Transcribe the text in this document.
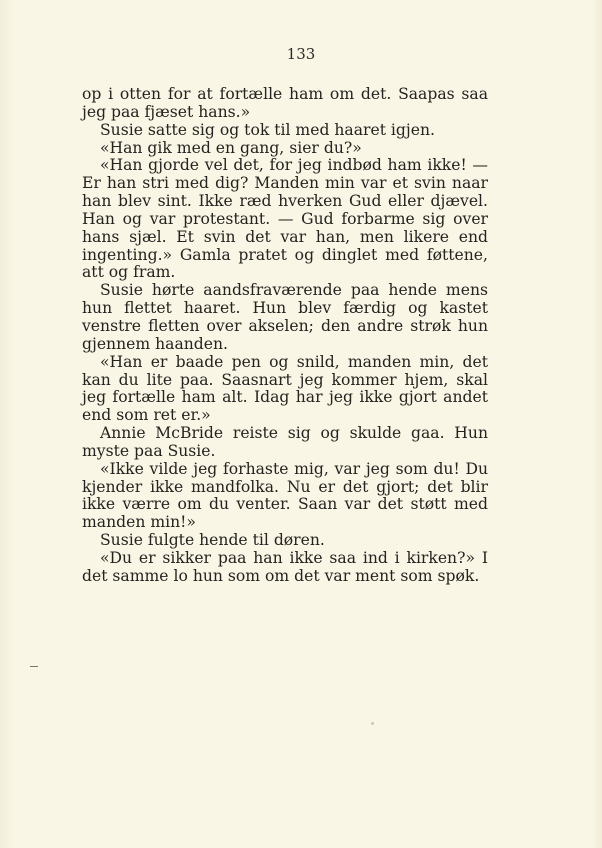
133

op i otten for at fortælle ham om det. Saapas saa jeg paa fjæset hans.»

Susie satte sig og tok til med haaret igjen.

«Han gik med en gang, sier du?»

«Han gjorde vel det, for jeg indbød ham ikke! — Er han stri med dig? Manden min var et svin naar han blev sint. Ikke ræd hverken Gud eller djævel. Han og var protestant. — Gud forbarme sig over hans sjæl. Et svin det var han, men likere end ingenting.» Gamla pratet og dinglet med føttene, att og fram.

Susie hørte aandsfraværende paa hende mens hun flettet haaret. Hun blev færdig og kastet venstre fletten over akselen; den andre strøk hun gjennem haanden.

«Han er baade pen og snild, manden min, det kan du lite paa. Saasnart jeg kommer hjem, skal jeg fortælle ham alt. Idag har jeg ikke gjort andet end som ret er.»

Annie McBride reiste sig og skulde gaa. Hun myste paa Susie.

«Ikke vilde jeg forhaste mig, var jeg som du! Du kjender ikke mandfolka. Nu er det gjort; det blir ikke værre om du venter. Saan var det støtt med manden min!»

Susie fulgte hende til døren.

«Du er sikker paa han ikke saa ind i kirken?» I det samme lo hun som om det var ment som spøk.
